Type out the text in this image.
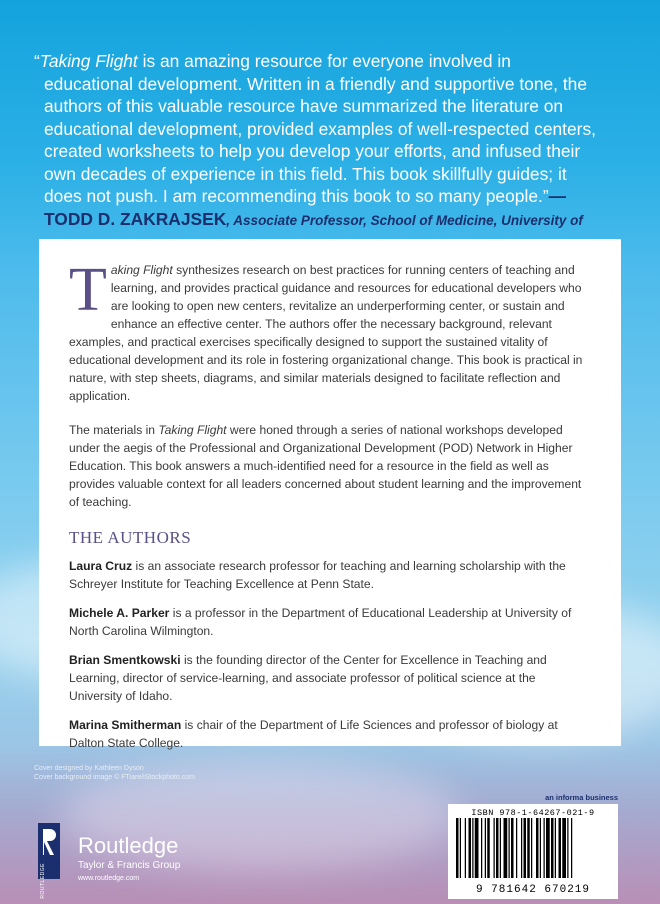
“Taking Flight is an amazing resource for everyone involved in educational development. Written in a friendly and supportive tone, the authors of this valuable resource have summarized the literature on educational development, provided examples of well-respected centers, created worksheets to help you develop your efforts, and infused their own decades of experience in this field. This book skillfully guides; it does not push. I am recommending this book to so many people.”—TODD D. ZAKRAJSEK, Associate Professor, School of Medicine, University of

Taking Flight synthesizes research on best practices for running centers of teaching and learning, and provides practical guidance and resources for educational developers who are looking to open new centers, revitalize an underperforming center, or sustain and enhance an effective center. The authors offer the necessary background, relevant examples, and practical exercises specifically designed to support the sustained vitality of educational development and its role in fostering organizational change. This book is practical in nature, with step sheets, diagrams, and similar materials designed to facilitate reflection and application.

The materials in Taking Flight were honed through a series of national workshops developed under the aegis of the Professional and Organizational Development (POD) Network in Higher Education. This book answers a much-identified need for a resource in the field as well as provides valuable context for all leaders concerned about student learning and the improvement of teaching.

THE AUTHORS
Laura Cruz is an associate research professor for teaching and learning scholarship with the Schreyer Institute for Teaching Excellence at Penn State.
Michele A. Parker is a professor in the Department of Educational Leadership at University of North Carolina Wilmington.
Brian Smentkowski is the founding director of the Center for Excellence in Teaching and Learning, director of service-learning, and associate professor of political science at the University of Idaho.
Marina Smitherman is chair of the Department of Life Sciences and professor of biology at Dalton State College.
Cover designed by Kathleen Dyson
Cover background image © FTiare/iStockphoto.com
ROUTLEDGE
Routledge
Taylor & Francis Group
www.routledge.com
an informa business
ISBN 978-1-64267-021-9
9 781642 670219
